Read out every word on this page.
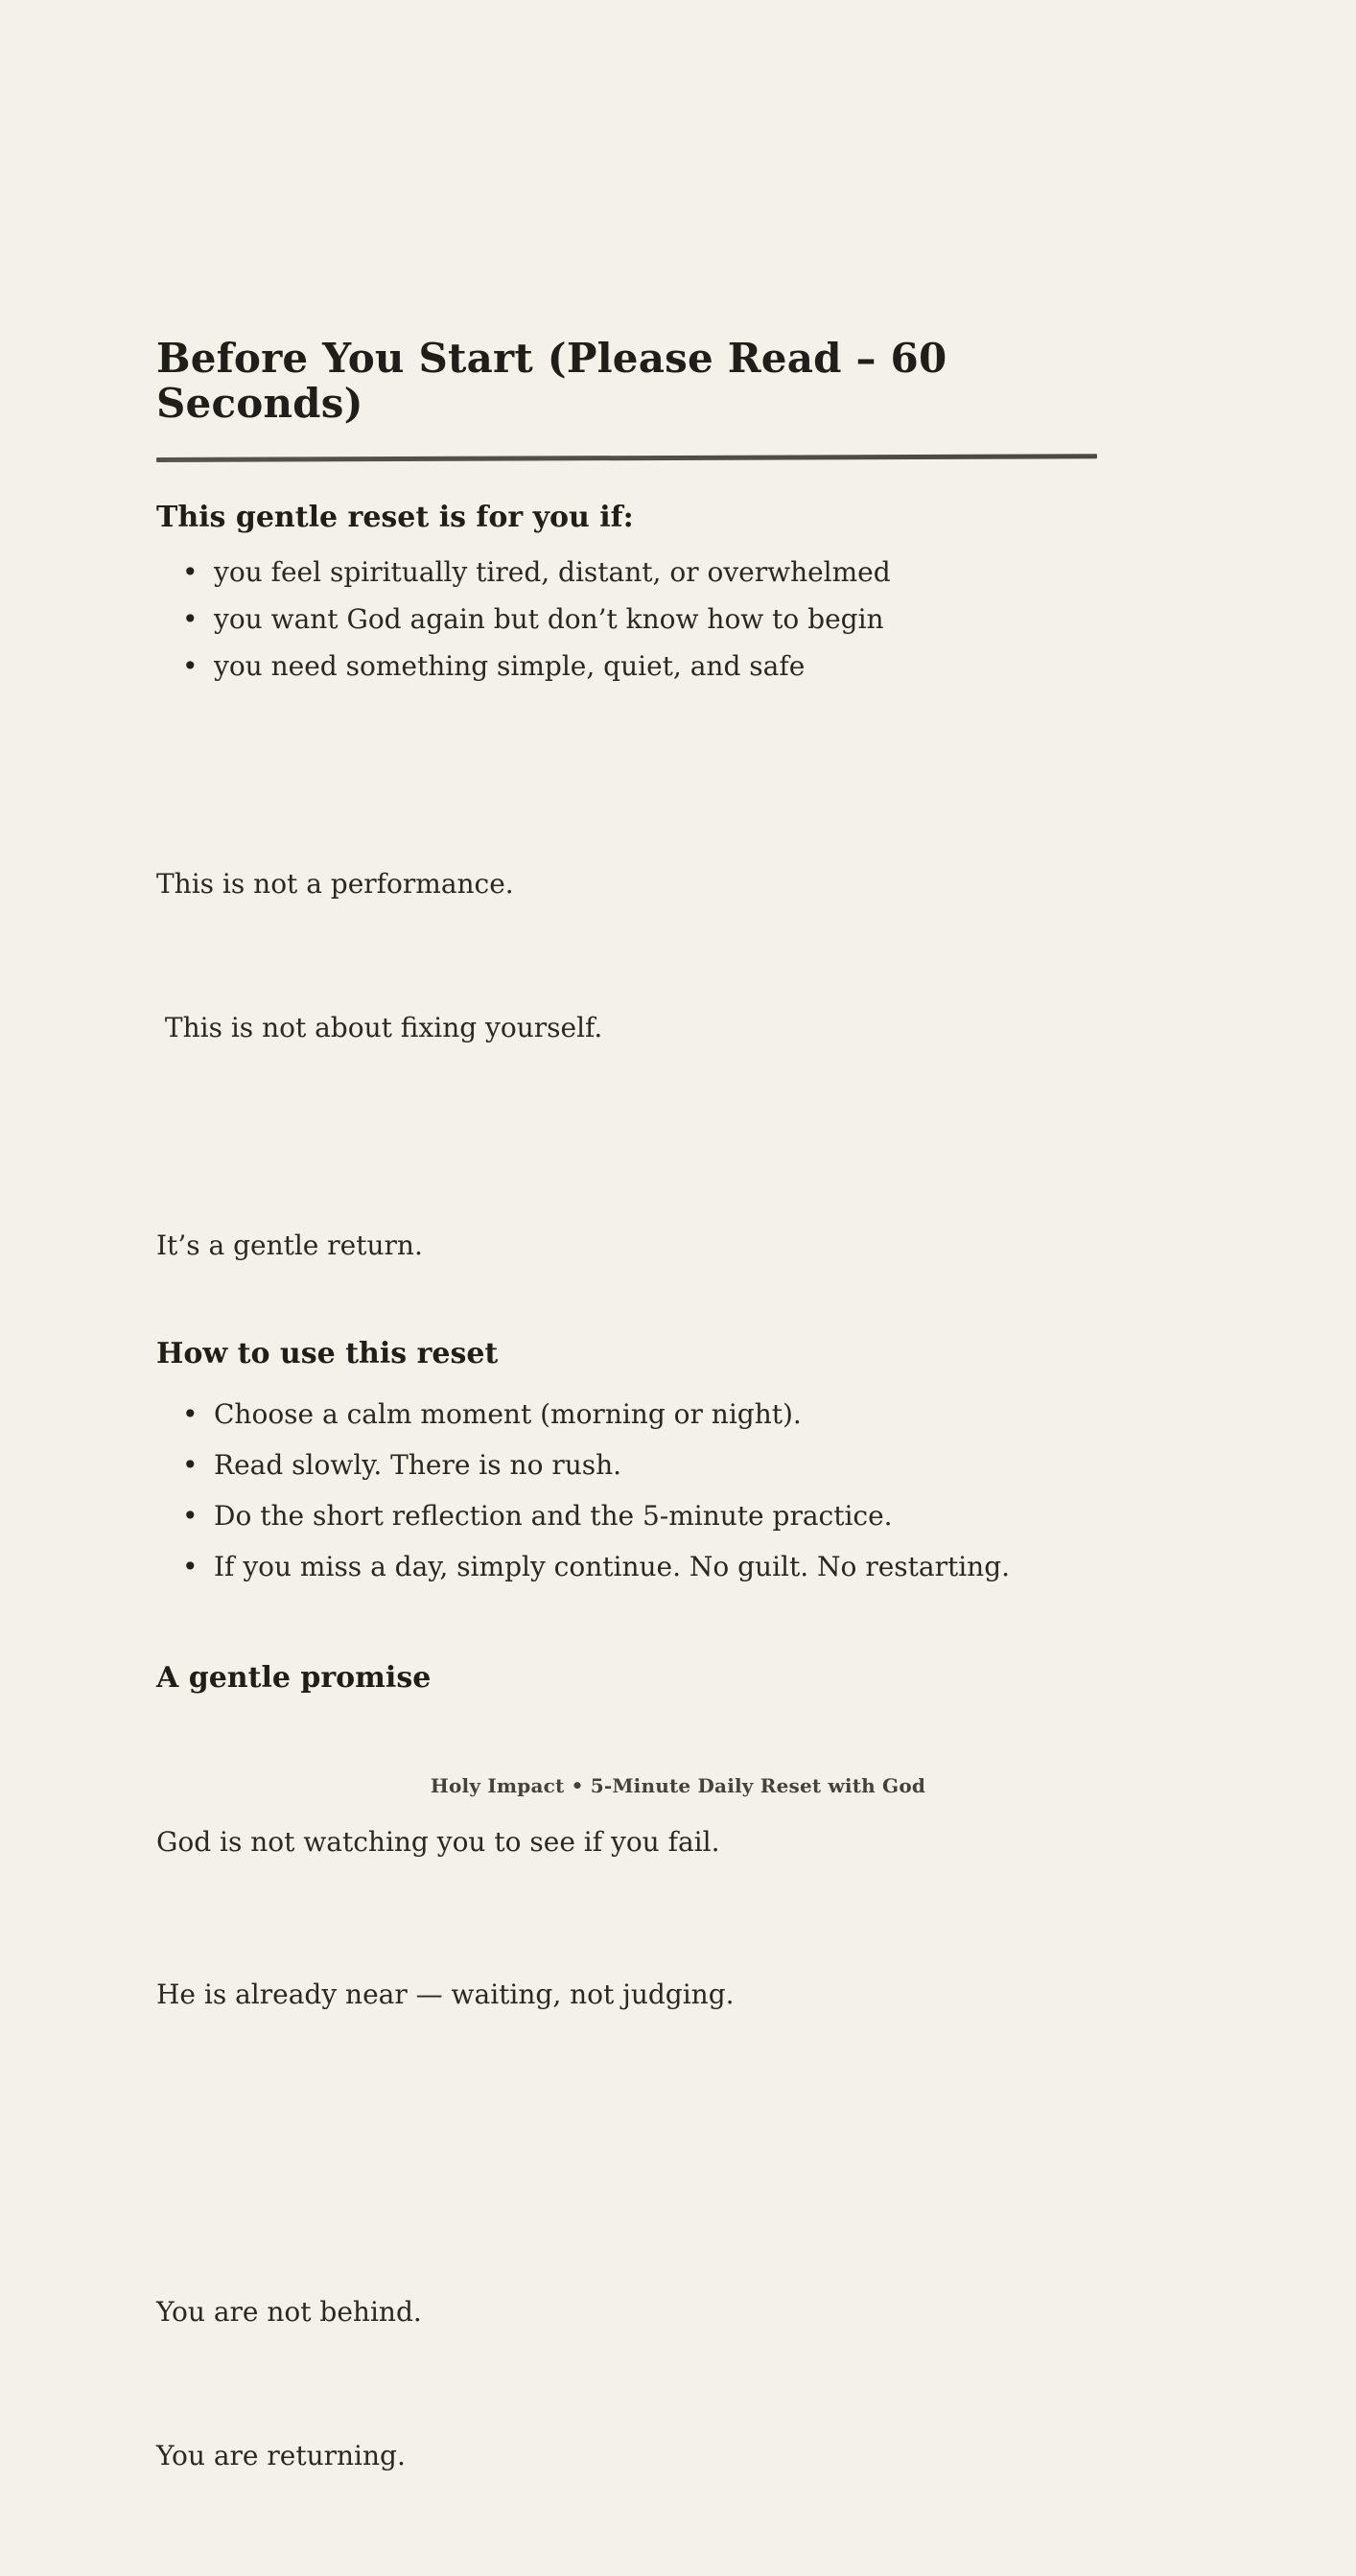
Before You Start (Please Read – 60 Seconds)
This gentle reset is for you if:
• you feel spiritually tired, distant, or overwhelmed
• you want God again but don’t know how to begin
• you need something simple, quiet, and safe

This is not a performance.

This is not about fixing yourself.

It’s a gentle return.
How to use this reset
• Choose a calm moment (morning or night).
• Read slowly. There is no rush.
• Do the short reflection and the 5-minute practice.
• If you miss a day, simply continue. No guilt. No restarting.
A gentle promise

God is not watching you to see if you fail.

He is already near — waiting, not judging.

You are not behind.

You are returning.

Holy Impact • 5-Minute Daily Reset with God
